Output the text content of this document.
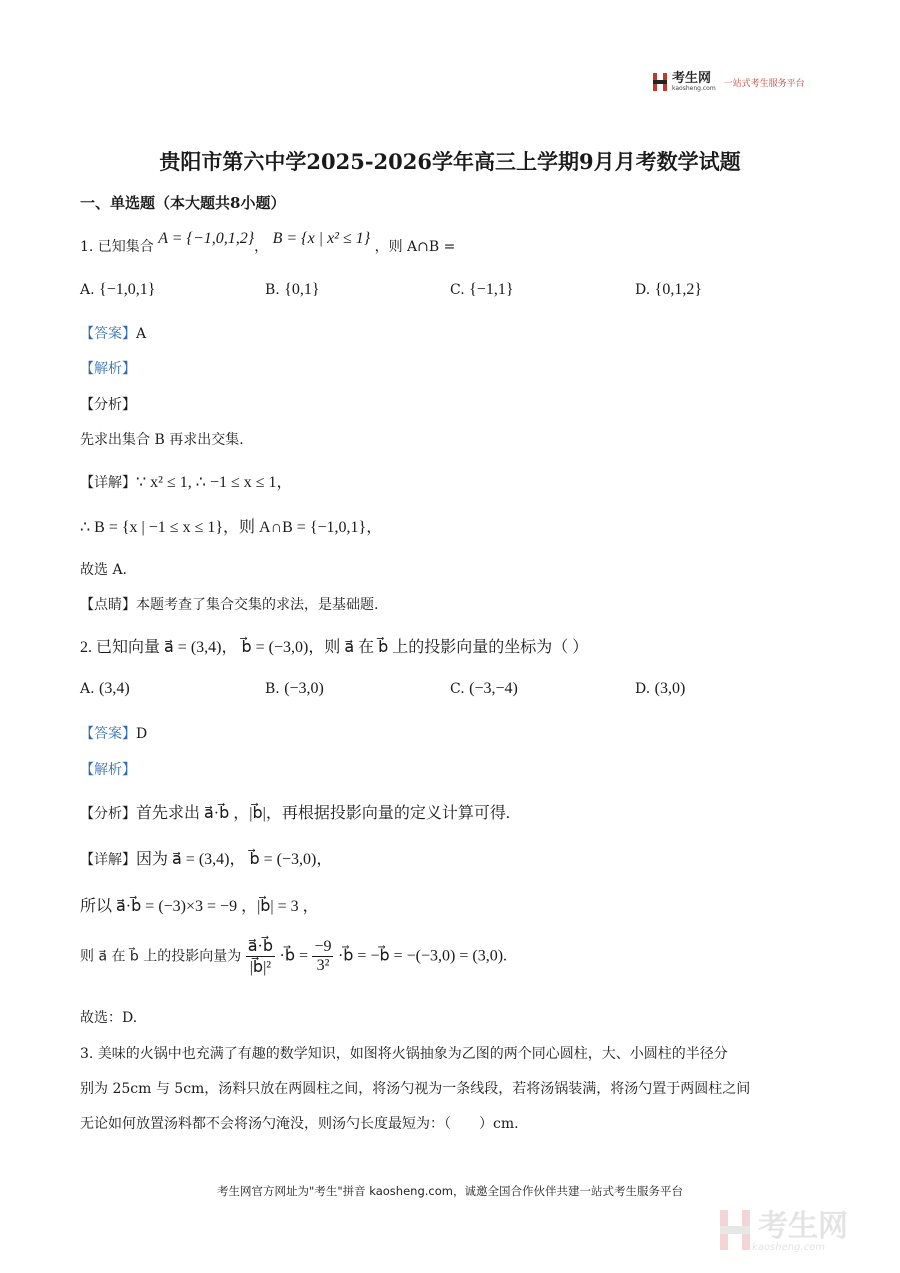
考生网
kaosheng.com 一站式考生服务平台
贵阳市第六中学2025-2026学年高三上学期9月月考数学试题
一、单选题（本大题共8小题）
1. 已知集合 A = {−1,0,1,2}， B = {x | x² ≤ 1} ，则 A∩B =
A. {−1,0,1}	B. {0,1}	C. {−1,1}	D. {0,1,2}
【答案】A
【解析】
【分析】
先求出集合 B 再求出交集.
【详解】∵ x² ≤ 1, ∴ −1 ≤ x ≤ 1，
∴ B = {x | −1 ≤ x ≤ 1}，则 A∩B = {−1,0,1}，
故选 A.
【点睛】本题考查了集合交集的求法，是基础题.
2. 已知向量 a⃗ = (3,4)， b⃗ = (−3,0)，则 a⃗ 在 b⃗ 上的投影向量的坐标为（ ）
A. (3,4)	B. (−3,0)	C. (−3,−4)	D. (3,0)
【答案】D
【解析】
【分析】首先求出 a⃗·b⃗ ，|b⃗|，再根据投影向量的定义计算可得.
【详解】因为 a⃗ = (3,4)， b⃗ = (−3,0)，
所以 a⃗·b⃗ = (−3)×3 = −9 ，|b⃗| = 3 ，
则 a⃗ 在 b⃗ 上的投影向量为 $\frac{a⃗\cdot b⃗}{\text{|b⃗|²}}$ ·b⃗ = $\frac{-9}{\text{3²}}$ ·b⃗ = −b⃗ = −(−3,0) = (3,0).
故选：D.
3. 美味的火锅中也充满了有趣的数学知识，如图将火锅抽象为乙图的两个同心圆柱，大、小圆柱的半径分
别为 25cm 与 5cm，汤料只放在两圆柱之间，将汤勺视为一条线段，若将汤锅装满，将汤勺置于两圆柱之间
无论如何放置汤料都不会将汤勺淹没，则汤勺长度最短为：（　　）cm.
考生网官方网址为"考生"拼音 kaosheng.com，诚邀全国合作伙伴共建一站式考生服务平台
考生网
kaosheng.com
